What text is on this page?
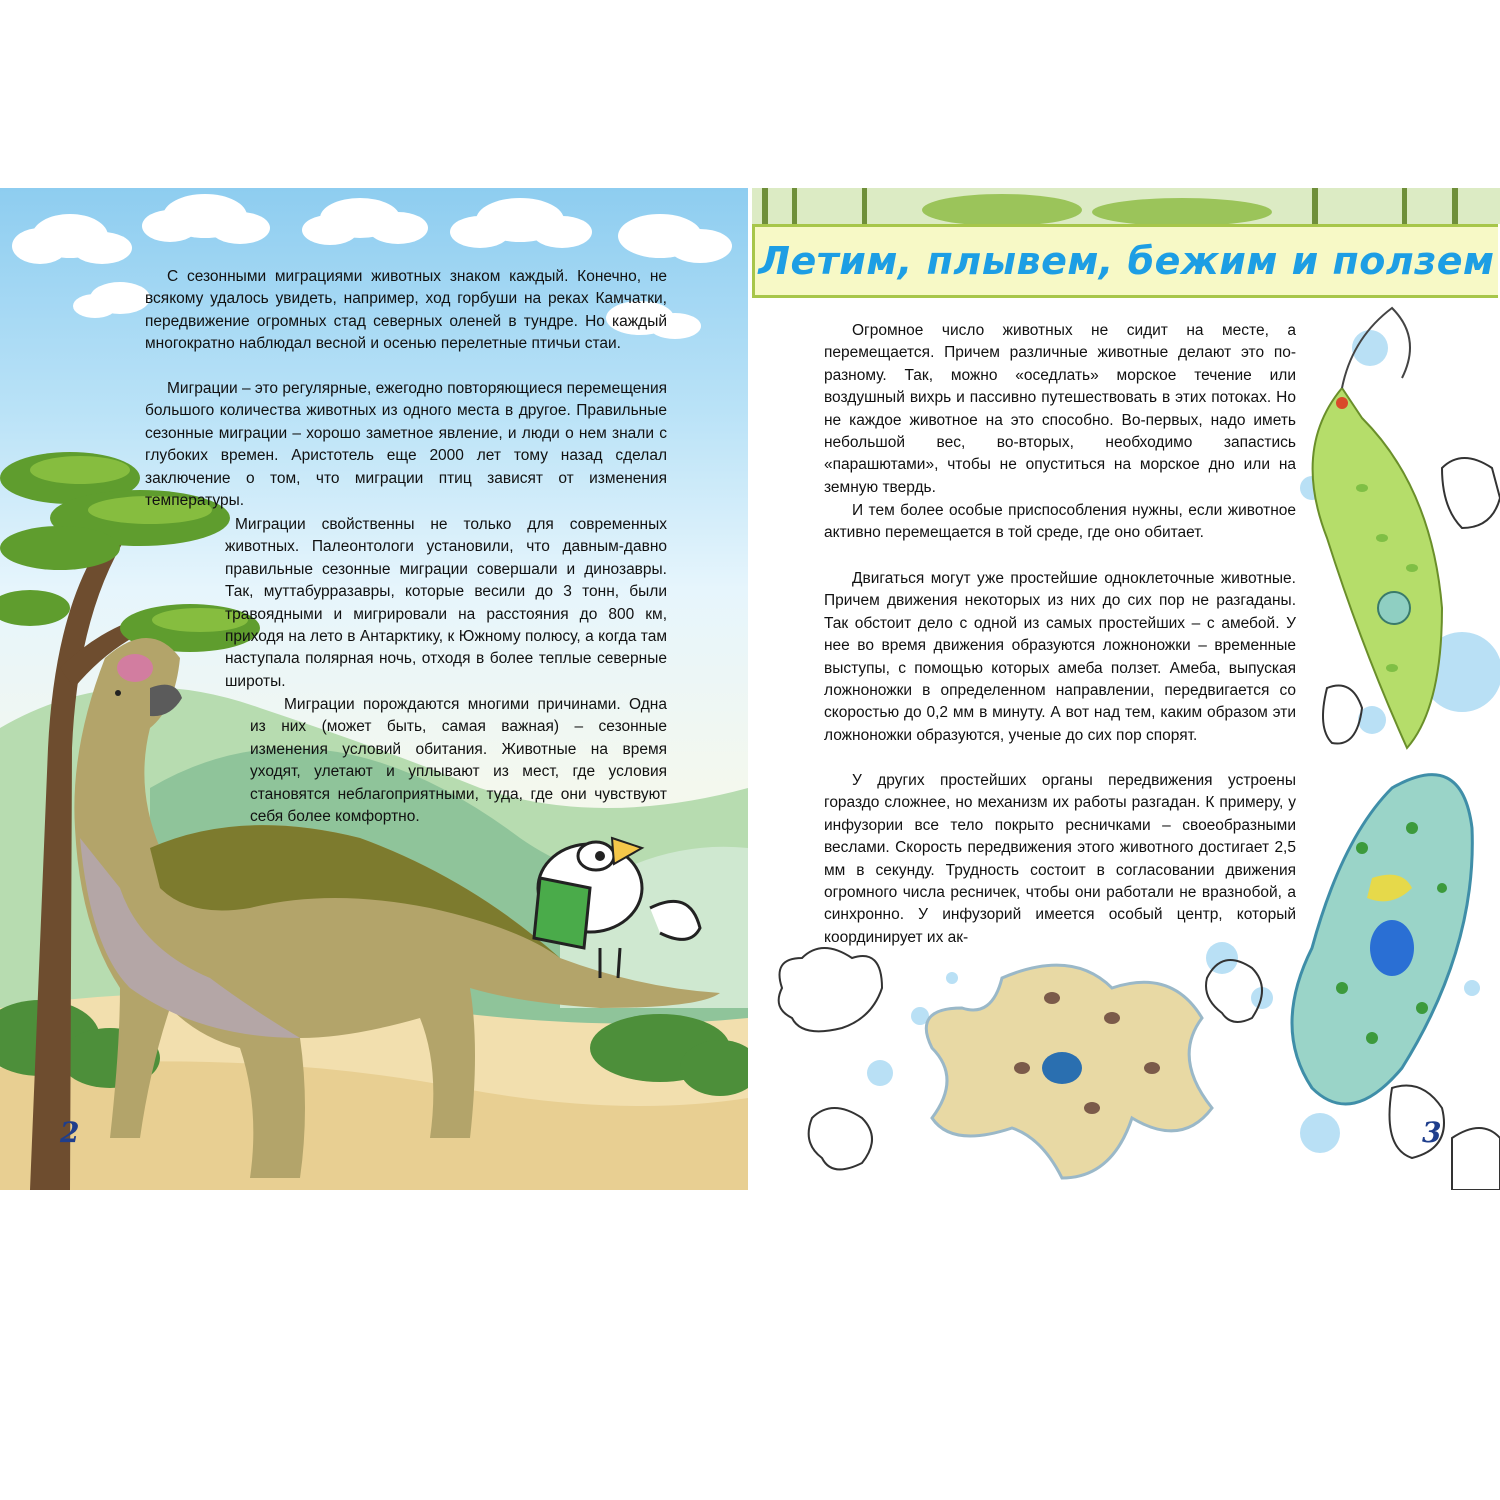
С сезонными миграциями животных знаком каждый. Конечно, не всякому удалось увидеть, например, ход горбуши на реках Камчатки, передвижение огромных стад северных оленей в тундре. Но каждый многократно наблюдал весной и осенью перелетные птичьи стаи.

Миграции – это регулярные, ежегодно повторяющиеся перемещения большого количества животных из одного места в другое. Правильные сезонные миграции – хорошо заметное явление, и люди о нем знали с глубоких времен. Аристотель еще 2000 лет тому назад сделал заключение о том, что миграции птиц зависят от изменения температуры.

Миграции свойственны не только для современных животных. Палеонтологи установили, что давным-давно правильные сезонные миграции совершали и динозавры. Так, муттабурразавры, которые весили до 3 тонн, были травоядными и мигрировали на расстояния до 800 км, приходя на лето в Антарктику, к Южному полюсу, а когда там наступала полярная ночь, отходя в более теплые северные широты.

Миграции порождаются многими причинами. Одна из них (может быть, самая важная) – сезонные изменения условий обитания. Животные на время уходят, улетают и уплывают из мест, где условия становятся неблагоприятными, туда, где они чувствуют себя более комфортно.

2
Летим, плывем, бежим и ползем

Огромное число животных не сидит на месте, а перемещается. Причем различные животные делают это по-разному. Так, можно «оседлать» морское течение или воздушный вихрь и пассивно путешествовать в этих потоках. Но не каждое животное на это способно. Во-первых, надо иметь небольшой вес, во-вторых, необходимо запастись «парашютами», чтобы не опуститься на морское дно или на земную твердь.

И тем более особые приспособления нужны, если животное активно перемещается в той среде, где оно обитает.

Двигаться могут уже простейшие одноклеточные животные. Причем движения некоторых из них до сих пор не разгаданы. Так обстоит дело с одной из самых простейших – с амебой. У нее во время движения образуются ложноножки – временные выступы, с помощью которых амеба ползет. Амеба, выпуская ложноножки в определенном направлении, передвигается со скоростью до 0,2 мм в минуту. А вот над тем, каким образом эти ложноножки образуются, ученые до сих пор спорят.

У других простейших органы передвижения устроены гораздо сложнее, но механизм их работы разгадан. К примеру, у инфузории все тело покрыто ресничками – своеобразными веслами. Скорость передвижения этого животного достигает 2,5 мм в секунду. Трудность состоит в согласовании движения огромного числа ресничек, чтобы они работали не вразнобой, а синхронно. У инфузорий имеется особый центр, который координирует их ак-

3
